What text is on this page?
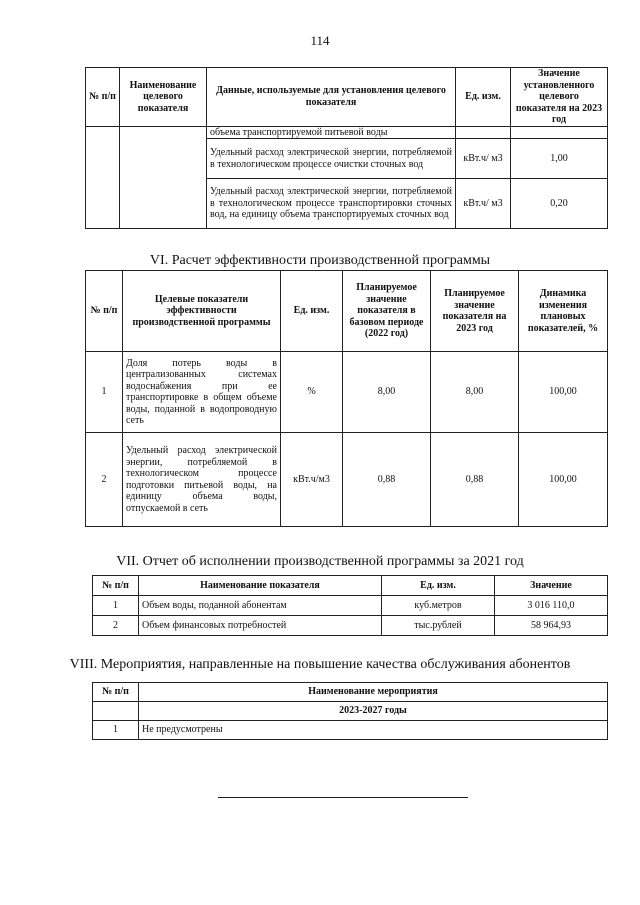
114
№ п/п	Наименование целевого показателя	Данные, используемые для установления целевого показателя	Ед. изм.	Значение установленного целевого показателя на 2023 год
		объема транспортируемой питьевой воды		
		Удельный расход электрической энергии, потребляемой в технологическом процессе очистки сточных вод	кВт.ч/ м3	1,00
		Удельный расход электрической энергии, потребляемой в технологическом процессе транспортировки сточных вод, на единицу объема транспортируемых сточных вод	кВт.ч/ м3	0,20
VI. Расчет эффективности производственной программы
№ п/п	Целевые показатели эффективности производственной программы	Ед. изм.	Планируемое значение показателя в базовом периоде (2022 год)	Планируемое значение показателя на 2023 год	Динамика изменения плановых показателей, %
1	Доля потерь воды в централизованных системах водоснабжения при ее транспортировке в общем объеме воды, поданной в водопроводную сеть	%	8,00	8,00	100,00
2	Удельный расход электрической энергии, потребляемой в технологическом процессе подготовки питьевой воды, на единицу объема воды, отпускаемой в сеть	кВт.ч/м3	0,88	0,88	100,00
VII. Отчет об исполнении производственной программы за 2021 год
№ п/п	Наименование показателя	Ед. изм.	Значение
1	Объем воды, поданной абонентам	куб.метров	3 016 110,0
2	Объем финансовых потребностей	тыс.рублей	58 964,93
VIII. Мероприятия, направленные на повышение качества обслуживания абонентов
№ п/п	Наименование мероприятия
	2023-2027 годы
1	Не предусмотрены
